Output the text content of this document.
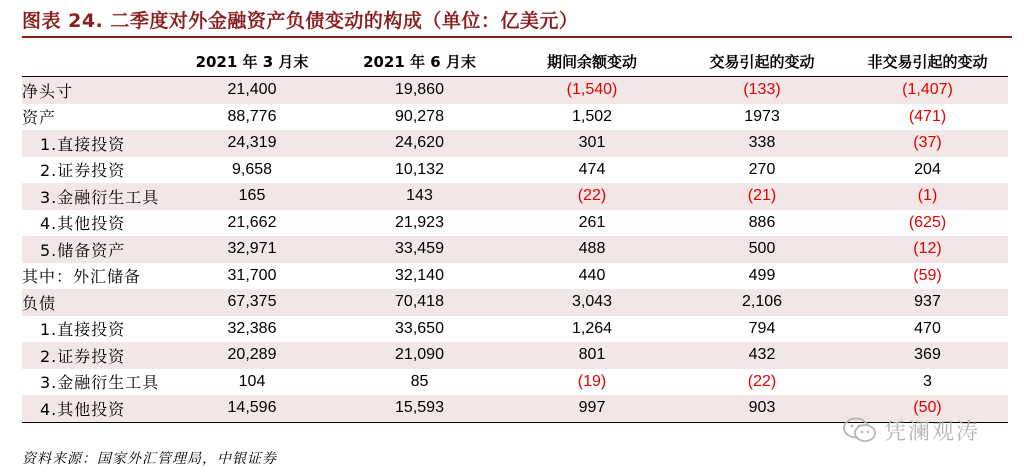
图表 24. 二季度对外金融资产负债变动的构成（单位：亿美元）
	2021 年 3 月末	2021 年 6 月末	期间余额变动	交易引起的变动	非交易引起的变动
净头寸	21,400	19,860	(1,540)	(133)	(1,407)
资产	88,776	90,278	1,502	1973	(471)
1.直接投资	24,319	24,620	301	338	(37)
2.证券投资	9,658	10,132	474	270	204
3.金融衍生工具	165	143	(22)	(21)	(1)
4.其他投资	21,662	21,923	261	886	(625)
5.储备资产	32,971	33,459	488	500	(12)
其中：外汇储备	31,700	32,140	440	499	(59)
负债	67,375	70,418	3,043	2,106	937
1.直接投资	32,386	33,650	1,264	794	470
2.证券投资	20,289	21,090	801	432	369
3.金融衍生工具	104	85	(19)	(22)	3
4.其他投资	14,596	15,593	997	903	(50)
资料来源：国家外汇管理局，中银证券
凭澜观涛
